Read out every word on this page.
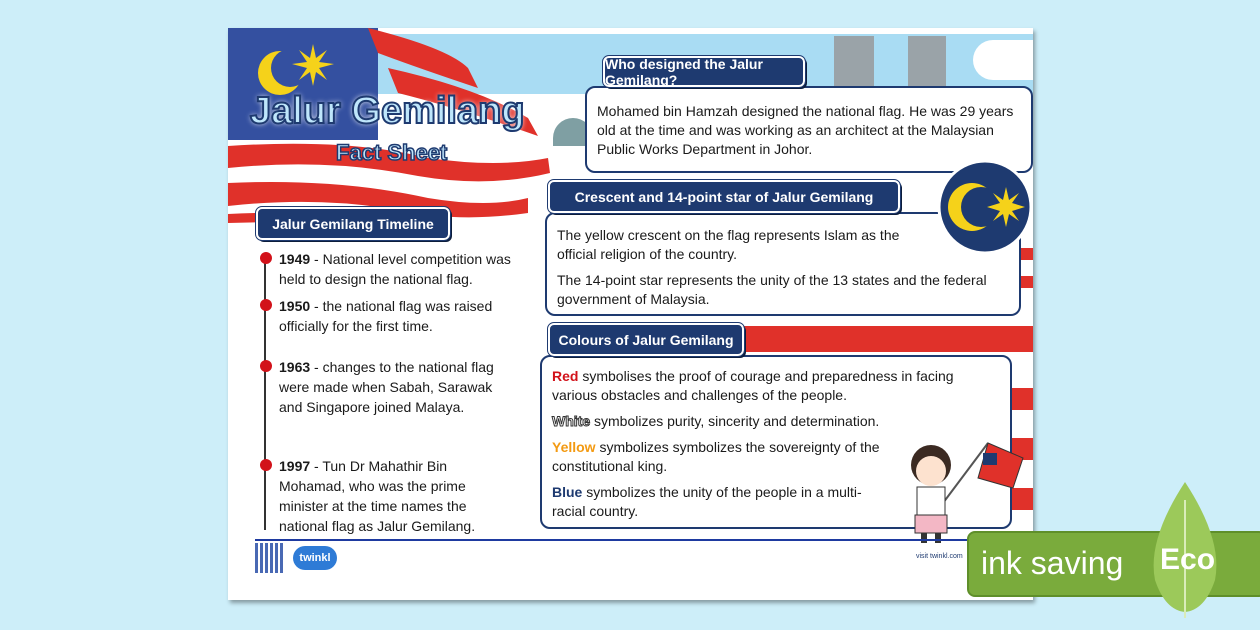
Jalur Gemilang
Fact Sheet
Jalur Gemilang Timeline
1949 - National level competition was held to design the national flag.
1950 - the national flag was raised officially for the first time.
1963 - changes to the national flag were made when Sabah, Sarawak and Singapore joined Malaya.
1997 - Tun Dr Mahathir Bin Mohamad, who was the prime minister at the time names the national flag as Jalur Gemilang.

Mohamed bin Hamzah designed the national flag. He was 29 years old at the time and was working as an architect at the Malaysian Public Works Department in Johor.

Who designed the Jalur Gemilang?

The yellow crescent on the flag represents Islam as the official religion of the country.

The 14-point star represents the unity of the 13 states and the federal government of Malaysia.

Crescent and 14-point star of Jalur Gemilang

Red symbolises the proof of courage and preparedness in facing various obstacles and challenges of the people.

White symbolizes purity, sincerity and determination.

Yellow symbolizes symbolizes the sovereignty of the constitutional king.

Blue symbolizes the unity of the people in a multi-racial country.

Colours of Jalur Gemilang
twinkl	visit twinkl.com ink saving Eco
